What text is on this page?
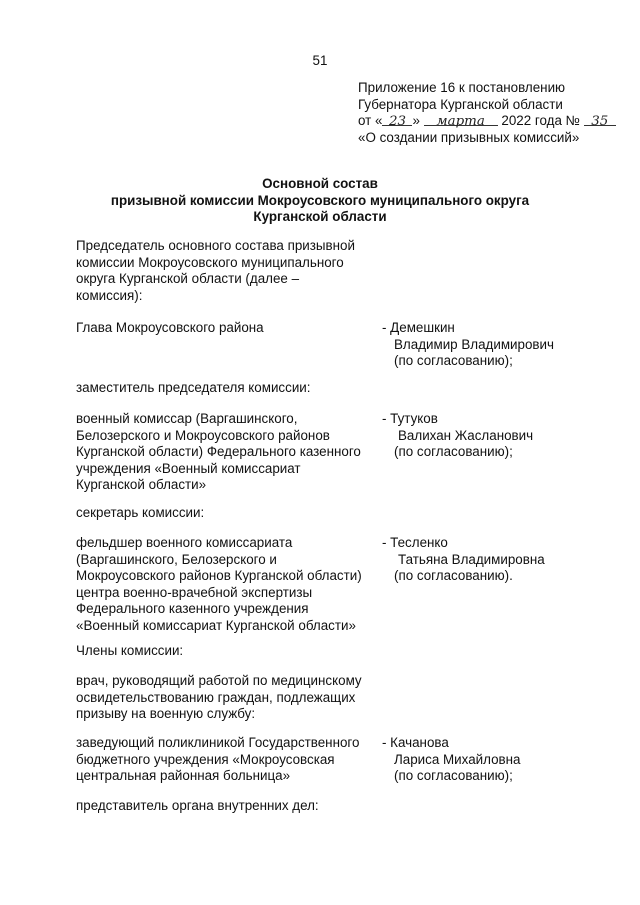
51
Приложение 16 к постановлению
Губернатора Курганской области
от « 23 » марта 2022 года № 35
«О создании призывных комиссий»
Основной состав
призывной комиссии Мокроусовского муниципального округа
Курганской области
Председатель основного состава призывной
комиссии Мокроусовского муниципального
округа Курганской области (далее –
комиссия):
Глава Мокроусовского района	- Демешкин
Владимир Владимирович
(по согласованию);
заместитель председателя комиссии:
военный комиссар (Варгашинского,
Белозерского и Мокроусовского районов
Курганской области) Федерального казенного
учреждения «Военный комиссариат
Курганской области»
- Тутуков
Валихан Жасланович
(по согласованию);
секретарь комиссии:
фельдшер военного комиссариата
(Варгашинского, Белозерского и
Мокроусовского районов Курганской области)
центра военно-врачебной экспертизы
Федерального казенного учреждения
«Военный комиссариат Курганской области»
- Тесленко
Татьяна Владимировна
(по согласованию).
Члены комиссии:
врач, руководящий работой по медицинскому
освидетельствованию граждан, подлежащих
призыву на военную службу:
заведующий поликлиникой Государственного
бюджетного учреждения «Мокроусовская
центральная районная больница»
- Качанова
Лариса Михайловна
(по согласованию);
представитель органа внутренних дел:
